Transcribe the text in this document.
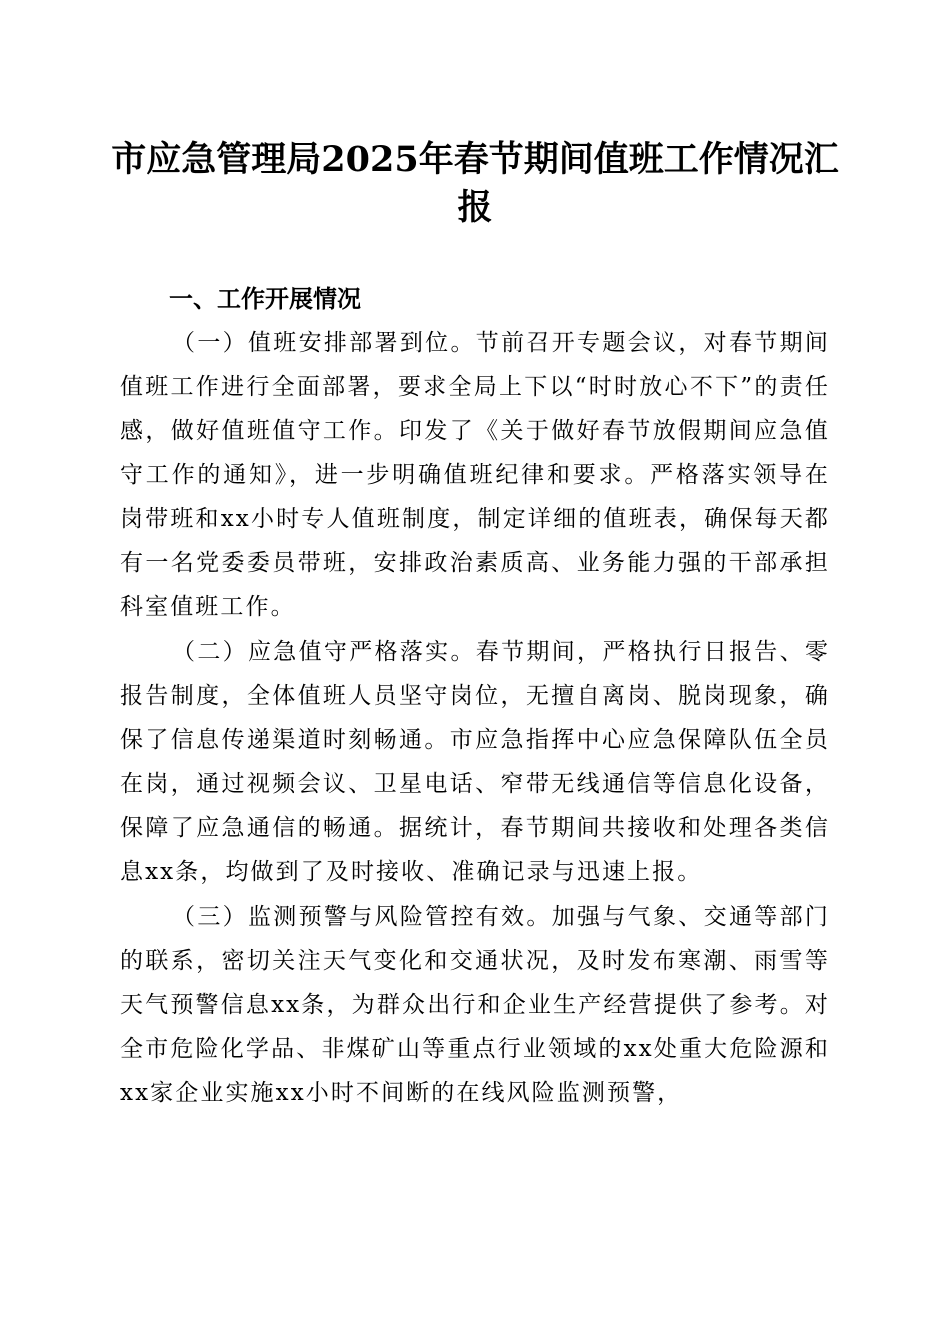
市应急管理局2025年春节期间值班工作情况汇报
一、工作开展情况

（一）值班安排部署到位。节前召开专题会议，对春节期间值班工作进行全面部署，要求全局上下以“时时放心不下”的责任感，做好值班值守工作。印发了《关于做好春节放假期间应急值守工作的通知》，进一步明确值班纪律和要求。严格落实领导在岗带班和xx小时专人值班制度，制定详细的值班表，确保每天都有一名党委委员带班，安排政治素质高、业务能力强的干部承担科室值班工作。

（二）应急值守严格落实。春节期间，严格执行日报告、零报告制度，全体值班人员坚守岗位，无擅自离岗、脱岗现象，确保了信息传递渠道时刻畅通。市应急指挥中心应急保障队伍全员在岗，通过视频会议、卫星电话、窄带无线通信等信息化设备，保障了应急通信的畅通。据统计，春节期间共接收和处理各类信息xx条，均做到了及时接收、准确记录与迅速上报。

（三）监测预警与风险管控有效。加强与气象、交通等部门的联系，密切关注天气变化和交通状况，及时发布寒潮、雨雪等天气预警信息xx条，为群众出行和企业生产经营提供了参考。对全市危险化学品、非煤矿山等重点行业领域的xx处重大危险源和xx家企业实施xx小时不间断的在线风险监测预警，
